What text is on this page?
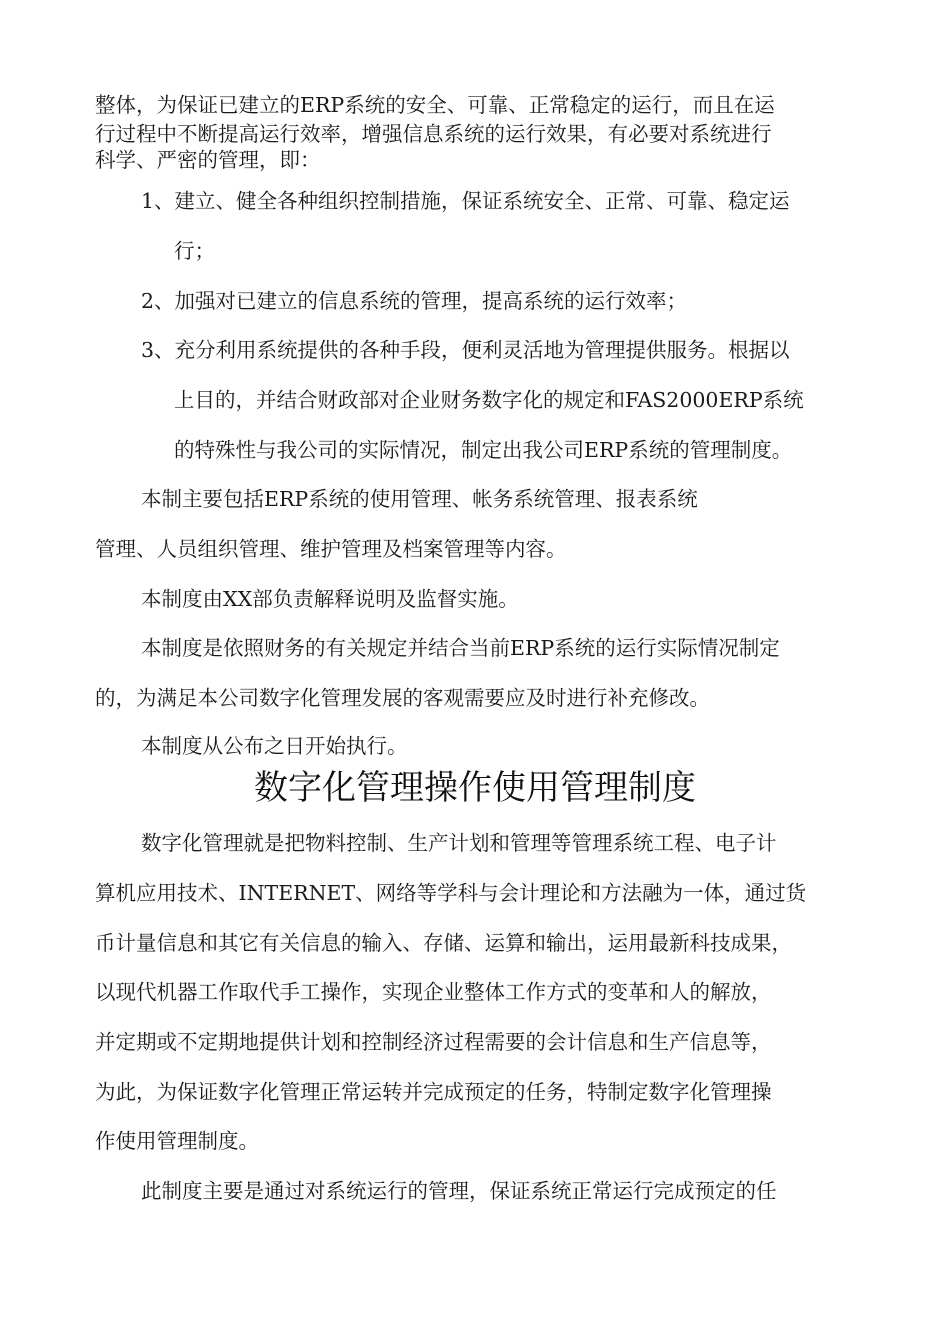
整体，为保证已建立的ERP系统的安全、可靠、正常稳定的运行，而且在运
行过程中不断提高运行效率，增强信息系统的运行效果，有必要对系统进行
科学、严密的管理，即：
1、建立、健全各种组织控制措施，保证系统安全、正常、可靠、稳定运
行；
2、加强对已建立的信息系统的管理，提高系统的运行效率；
3、充分利用系统提供的各种手段，便利灵活地为管理提供服务。根据以
上目的，并结合财政部对企业财务数字化的规定和FAS2000ERP系统
的特殊性与我公司的实际情况，制定出我公司ERP系统的管理制度。
本制主要包括ERP系统的使用管理、帐务系统管理、报表系统
管理、人员组织管理、维护管理及档案管理等内容。
本制度由XX部负责解释说明及监督实施。
本制度是依照财务的有关规定并结合当前ERP系统的运行实际情况制定
的，为满足本公司数字化管理发展的客观需要应及时进行补充修改。
本制度从公布之日开始执行。
数字化管理操作使用管理制度
数字化管理就是把物料控制、生产计划和管理等管理系统工程、电子计
算机应用技术、INTERNET、网络等学科与会计理论和方法融为一体，通过货
币计量信息和其它有关信息的输入、存储、运算和输出，运用最新科技成果，
以现代机器工作取代手工操作，实现企业整体工作方式的变革和人的解放，
并定期或不定期地提供计划和控制经济过程需要的会计信息和生产信息等，
为此，为保证数字化管理正常运转并完成预定的任务，特制定数字化管理操
作使用管理制度。
此制度主要是通过对系统运行的管理，保证系统正常运行完成预定的任
